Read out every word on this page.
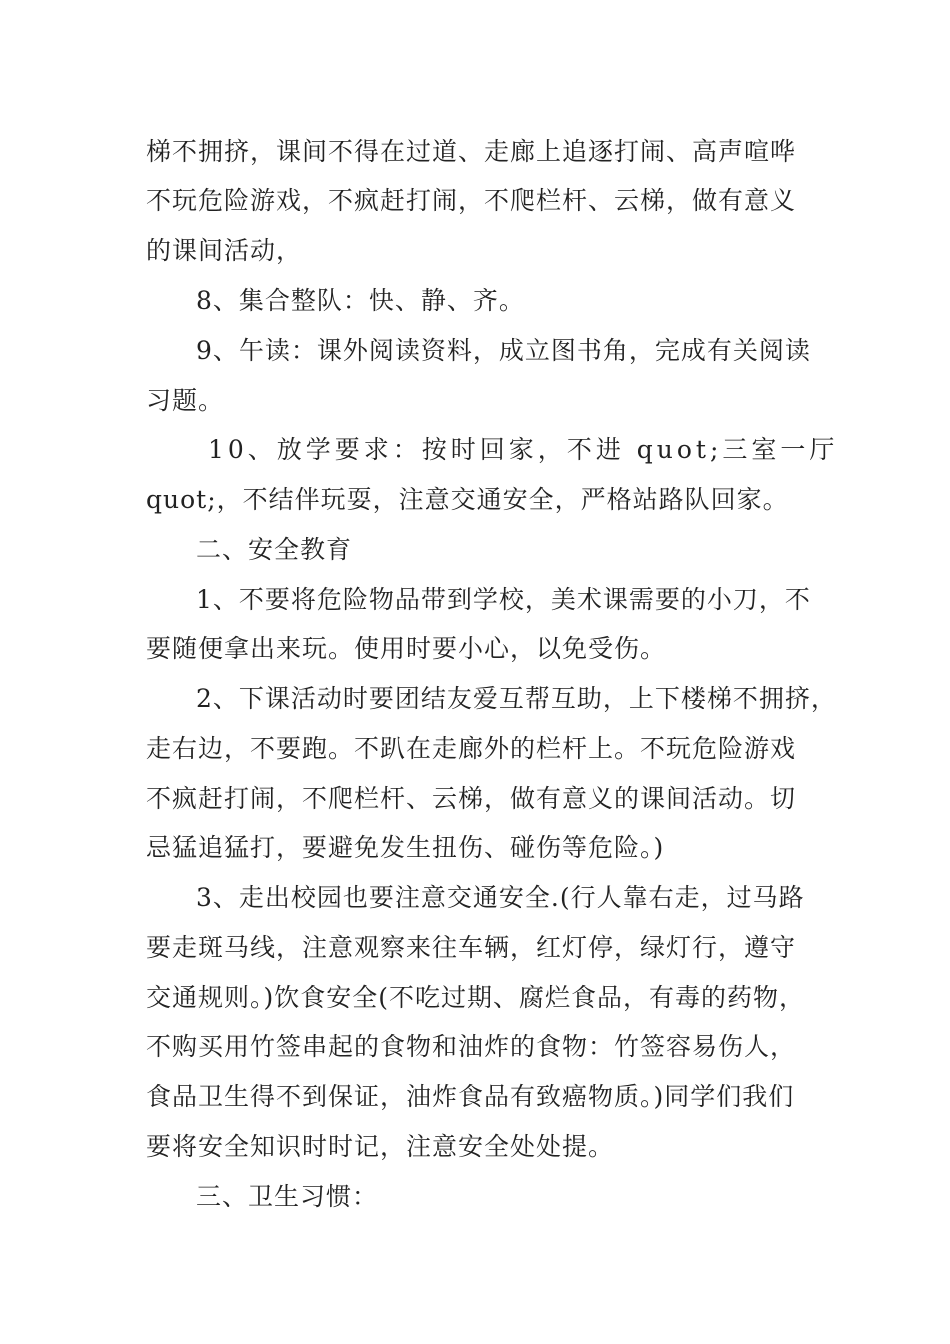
梯不拥挤，课间不得在过道、走廊上追逐打闹、高声喧哗
不玩危险游戏，不疯赶打闹，不爬栏杆、云梯，做有意义
的课间活动，
8、集合整队：快、静、齐。
9、午读：课外阅读资料，成立图书角，完成有关阅读
习题。
10、放学要求：按时回家，不进 quot;三室一厅
quot;，不结伴玩耍，注意交通安全，严格站路队回家。
二、安全教育
1、不要将危险物品带到学校，美术课需要的小刀，不
要随便拿出来玩。使用时要小心，以免受伤。
2、下课活动时要团结友爱互帮互助，上下楼梯不拥挤，
走右边，不要跑。不趴在走廊外的栏杆上。不玩危险游戏
不疯赶打闹，不爬栏杆、云梯，做有意义的课间活动。切
忌猛追猛打，要避免发生扭伤、碰伤等危险。)
3、走出校园也要注意交通安全.(行人靠右走，过马路
要走斑马线，注意观察来往车辆，红灯停，绿灯行，遵守
交通规则。)饮食安全(不吃过期、腐烂食品，有毒的药物，
不购买用竹签串起的食物和油炸的食物：竹签容易伤人，
食品卫生得不到保证，油炸食品有致癌物质。)同学们我们
要将安全知识时时记，注意安全处处提。
三、卫生习惯：
